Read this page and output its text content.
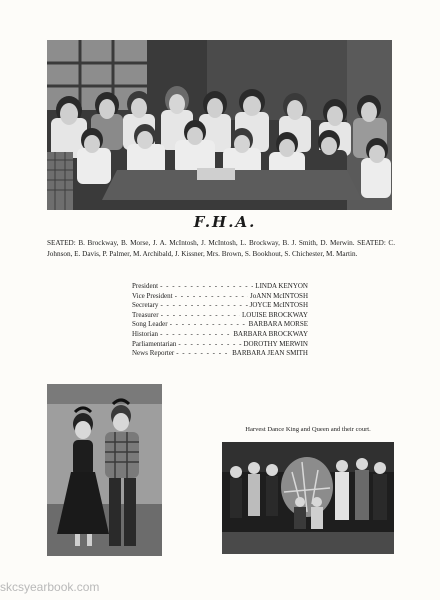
F.H.A.

SEATED: B. Brockway, B. Morse, J. A. McIntosh, J. McIntosh, L. Brockway, B. J. Smith, D. Merwin. SEATED: C. Johnson, E. Davis, P. Palmer, M. Archibald, J. Kissner, Mrs. Brown, S. Bookhout, S. Chichester, M. Martin.

President - - -	LINDA KENYON
Vice President - - -	JoANN McINTOSH
Secretary - - -	JOYCE McINTOSH
Treasurer - - -	LOUISE BROCKWAY
Song Leader - - -	BARBARA MORSE
Historian - - -	BARBARA BROCKWAY
Parliamentarian - - -	DOROTHY MERWIN
News Reporter - - -	BARBARA JEAN SMITH
Harvest Dance King and Queen and their court.
skcsyearbook.com
